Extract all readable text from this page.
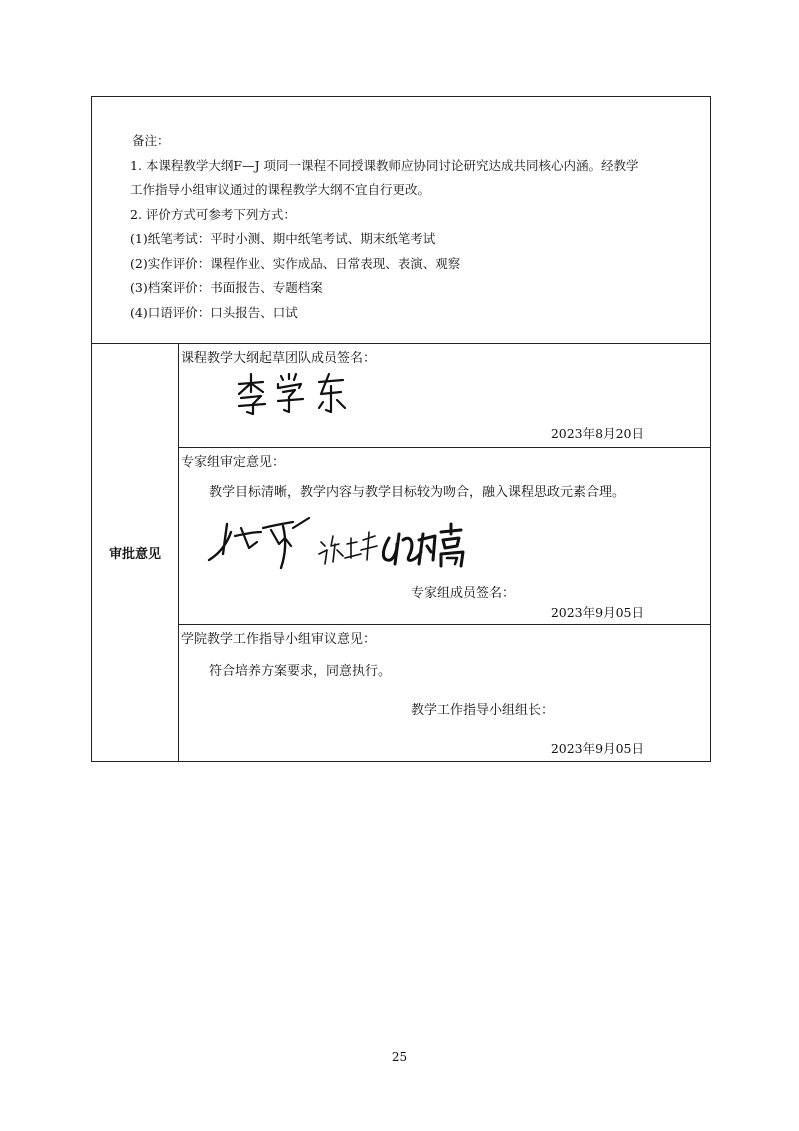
备注：

1. 本课程教学大纲F—J 项同一课程不同授课教师应协同讨论研究达成共同核心内涵。经教学

工作指导小组审议通过的课程教学大纲不宜自行更改。

2. 评价方式可参考下列方式：

(1)纸笔考试：平时小测、期中纸笔考试、期末纸笔考试

(2)实作评价：课程作业、实作成品、日常表现、表演、观察

(3)档案评价：书面报告、专题档案

(4)口语评价：口头报告、口试

审批意见	
课程教学大纲起草团队成员签名：
2023年8月20日
专家组审定意见：
教学目标清晰，教学内容与教学目标较为吻合，融入课程思政元素合理。
专家组成员签名：
2023年9月05日
学院教学工作指导小组审议意见：
符合培养方案要求，同意执行。
教学工作指导小组组长：
2023年9月05日
25
